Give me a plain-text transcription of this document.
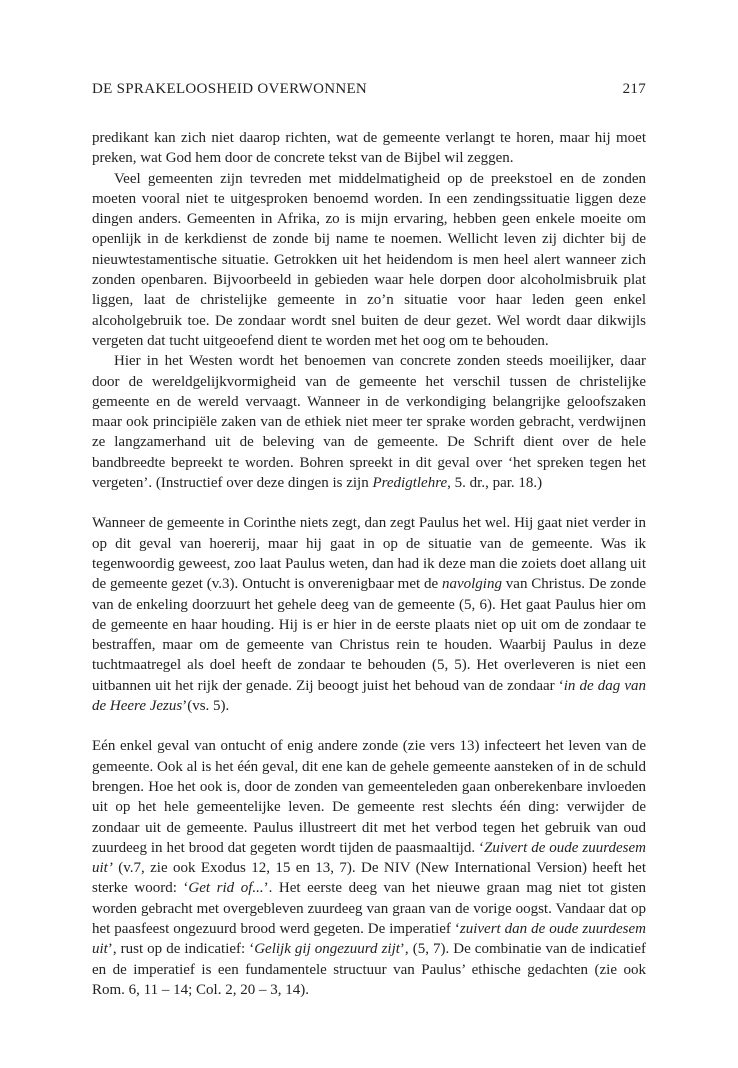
DE SPRAKELOOSHEID OVERWONNEN	217

predikant kan zich niet daarop richten, wat de gemeente verlangt te horen, maar hij moet preken, wat God hem door de concrete tekst van de Bijbel wil zeggen.

Veel gemeenten zijn tevreden met middelmatigheid op de preekstoel en de zonden moeten vooral niet te uitgesproken benoemd worden. In een zendingssituatie liggen deze dingen anders. Gemeenten in Afrika, zo is mijn ervaring, hebben geen enkele moeite om openlijk in de kerkdienst de zonde bij name te noemen. Wellicht leven zij dichter bij de nieuwtestamentische situatie. Getrokken uit het heidendom is men heel alert wanneer zich zonden openbaren. Bijvoorbeeld in gebieden waar hele dorpen door alcoholmisbruik plat liggen, laat de christelijke gemeente in zo’n situatie voor haar leden geen enkel alcoholgebruik toe. De zondaar wordt snel buiten de deur gezet. Wel wordt daar dikwijls vergeten dat tucht uitgeoefend dient te worden met het oog om te behouden.

Hier in het Westen wordt het benoemen van concrete zonden steeds moeilijker, daar door de wereldgelijkvormigheid van de gemeente het verschil tussen de christelijke gemeente en de wereld vervaagt. Wanneer in de verkondiging belangrijke geloofszaken maar ook principiële zaken van de ethiek niet meer ter sprake worden gebracht, verdwijnen ze langzamerhand uit de beleving van de gemeente. De Schrift dient over de hele bandbreedte bepreekt te worden. Bohren spreekt in dit geval over ‘het spreken tegen het vergeten’. (Instructief over deze dingen is zijn Predigtlehre, 5. dr., par. 18.)

Wanneer de gemeente in Corinthe niets zegt, dan zegt Paulus het wel. Hij gaat niet verder in op dit geval van hoererij, maar hij gaat in op de situatie van de gemeente. Was ik tegenwoordig geweest, zoo laat Paulus weten, dan had ik deze man die zoiets doet allang uit de gemeente gezet (v.3). Ontucht is onverenigbaar met de navolging van Christus. De zonde van de enkeling doorzuurt het gehele deeg van de gemeente (5, 6). Het gaat Paulus hier om de gemeente en haar houding. Hij is er hier in de eerste plaats niet op uit om de zondaar te bestraffen, maar om de gemeente van Christus rein te houden. Waarbij Paulus in deze tuchtmaatregel als doel heeft de zondaar te behouden (5, 5). Het overleveren is niet een uitbannen uit het rijk der genade. Zij beoogt juist het behoud van de zondaar ‘in de dag van de Heere Jezus’(vs. 5).

Eén enkel geval van ontucht of enig andere zonde (zie vers 13) infecteert het leven van de gemeente. Ook al is het één geval, dit ene kan de gehele gemeente aansteken of in de schuld brengen. Hoe het ook is, door de zonden van gemeenteleden gaan onberekenbare invloeden uit op het hele gemeentelijke leven. De gemeente rest slechts één ding: verwijder de zondaar uit de gemeente. Paulus illustreert dit met het verbod tegen het gebruik van oud zuurdeeg in het brood dat gegeten wordt tijden de paasmaaltijd. ‘Zuivert de oude zuurdesem uit’ (v.7, zie ook Exodus 12, 15 en 13, 7). De NIV (New International Version) heeft het sterke woord: ‘Get rid of...’. Het eerste deeg van het nieuwe graan mag niet tot gisten worden gebracht met overgebleven zuurdeeg van graan van de vorige oogst. Vandaar dat op het paasfeest ongezuurd brood werd gegeten. De imperatief ‘zuivert dan de oude zuurdesem uit’, rust op de indicatief: ‘Gelijk gij ongezuurd zijt’, (5, 7). De combinatie van de indicatief en de imperatief is een fundamentele structuur van Paulus’ ethische gedachten (zie ook Rom. 6, 11 – 14; Col. 2, 20 – 3, 14).
